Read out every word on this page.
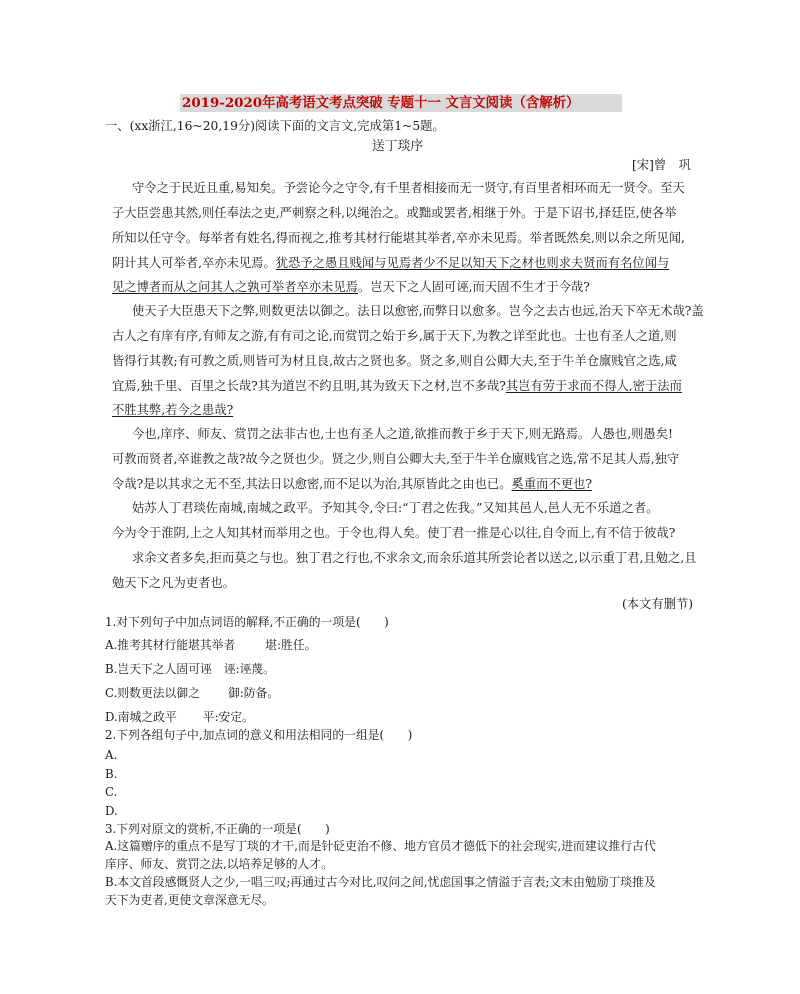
2019-2020年高考语文考点突破 专题十一 文言文阅读（含解析）
一、(xx浙江,16~20,19分)阅读下面的文言文,完成第1~5题。
送丁琰序
[宋]曾　巩
守令之于民近且重,易知矣。予尝论今之守令,有千里者相接而无一贤守,有百里者相环而无一贤令。至天
子大臣尝患其然,则任奉法之吏,严刺察之科,以绳治之。或黜或罢者,相继于外。于是下诏书,择廷臣,使各举
所知以任守令。每举者有姓名,得而视之,推考其材行能堪其举者,卒亦未见焉。举者既然矣,则以余之所见闻,
阴计其人可举者,卒亦未见焉。犹恐予之愚且贱闻与见焉者少不足以知天下之材也则求夫贤而有名位闻与
见之博者而从之问其人之孰可举者卒亦未见焉。岂天下之人固可诬,而天固不生才于今哉?
使天子大臣患天下之弊,则数更法以御之。法日以愈密,而弊日以愈多。岂今之去古也远,治天下卒无术哉?盖
古人之有庠有序,有师友之游,有有司之论,而赏罚之始于乡,属于天下,为教之详至此也。士也有圣人之道,则
皆得行其教;有可教之质,则皆可为材且良,故古之贤也多。贤之多,则自公卿大夫,至于牛羊仓廪贱官之选,咸
宜焉,独千里、百里之长哉?其为道岂不约且明,其为致天下之材,岂不多哉?其岂有劳于求而不得人,密于法而
不胜其弊,若今之患哉?
今也,庠序、师友、赏罚之法非古也,士也有圣人之道,欲推而教于乡于天下,则无路焉。人愚也,则愚矣!
可教而贤者,卒谁教之哉?故今之贤也少。贤之少,则自公卿大夫,至于牛羊仓廪贱官之选,常不足其人焉,独守
令哉?是以其求之无不至,其法日以愈密,而不足以为治,其原皆此之由也已。奚重而不更也?
姑苏人丁君琰佐南城,南城之政平。予知其令,令曰:“丁君之佐我。”又知其邑人,邑人无不乐道之者。
今为令于淮阴,上之人知其材而举用之也。于令也,得人矣。使丁君一推是心以往,自令而上,有不信于彼哉?
求余文者多矣,拒而莫之与也。独丁君之行也,不求余文,而余乐道其所尝论者以送之,以示重丁君,且勉之,且
勉天下之凡为吏者也。
(本文有删节)
1.对下列句子中加点词语的解释,不正确的一项是(　　)
A.推考其材行能堪其举者	堪:胜任。
B.岂天下之人固可诬 诬:诬蔑。
C.则数更法以御之 御:防备。
D.南城之政平 平:安定。
2.下列各组句子中,加点词的意义和用法相同的一组是(　　)
A.
B.
C.
D.
3.下列对原文的赏析,不正确的一项是(　　)
A.这篇赠序的重点不是写丁琰的才干,而是针砭吏治不修、地方官员才德低下的社会现实,进而建议推行古代
庠序、师友、赏罚之法,以培养足够的人才。
B.本文首段感慨贤人之少,一唱三叹;再通过古今对比,叹问之间,忧虑国事之情溢于言表;文末由勉励丁琰推及
天下为吏者,更使文章深意无尽。
